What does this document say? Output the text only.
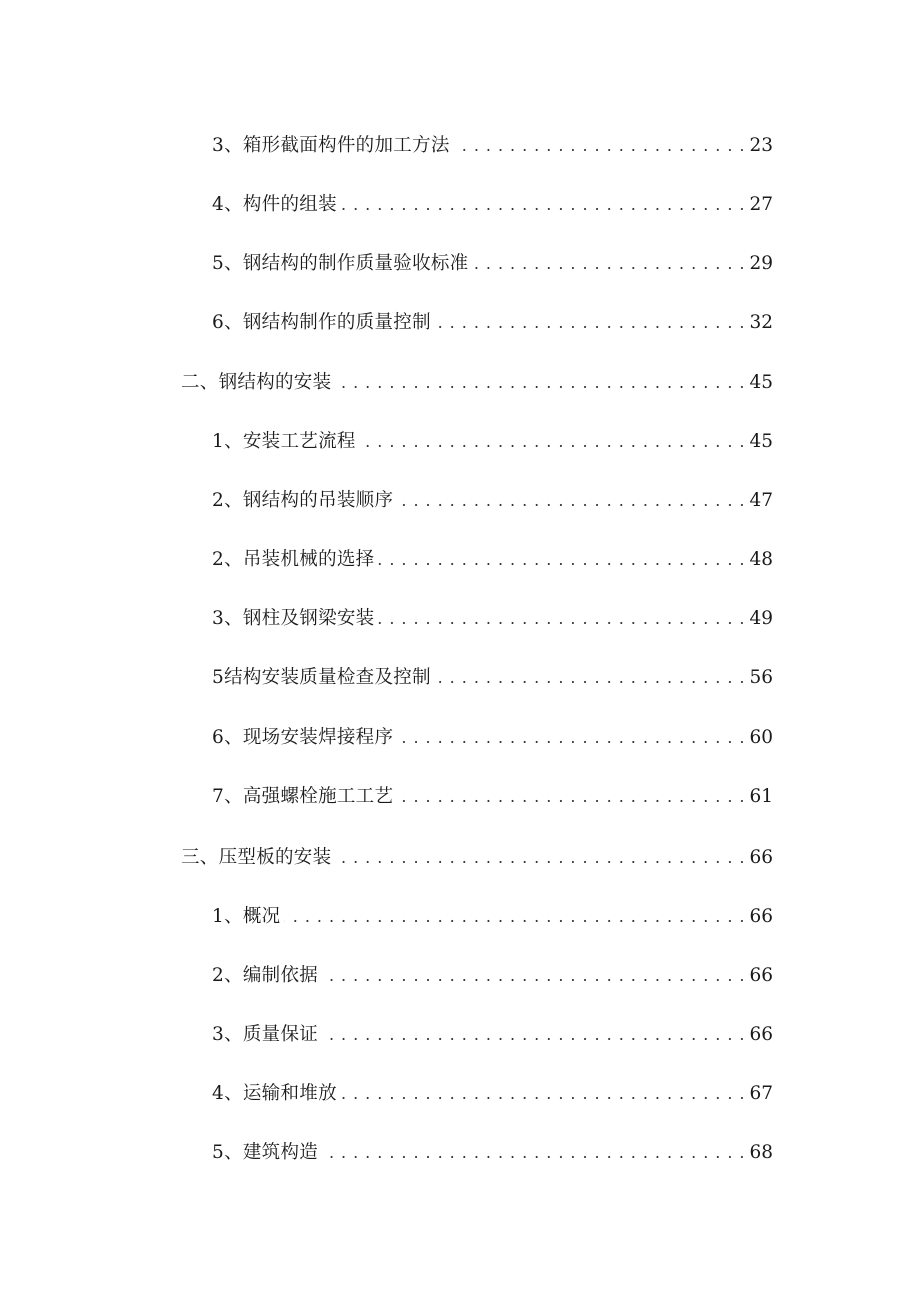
3、箱形截面构件的加工方法 . . .	23
4、构件的组装 . . .	27
5、钢结构的制作质量验收标准 . . .	29
6、钢结构制作的质量控制 . . .	32
二、钢结构的安装 . . .	45
1、安装工艺流程 . . .	45
2、钢结构的吊装顺序 . . .	47
2、吊装机械的选择 . . .	48
3、钢柱及钢梁安装 . . .	49
5结构安装质量检查及控制 . . .	56
6、现场安装焊接程序 . . .	60
7、高强螺栓施工工艺 . . .	61
三、压型板的安装 . . .	66
1、概况 . . .	66
2、编制依据 . . .	66
3、质量保证 . . .	66
4、运输和堆放 . . .	67
5、建筑构造 . . .	68
